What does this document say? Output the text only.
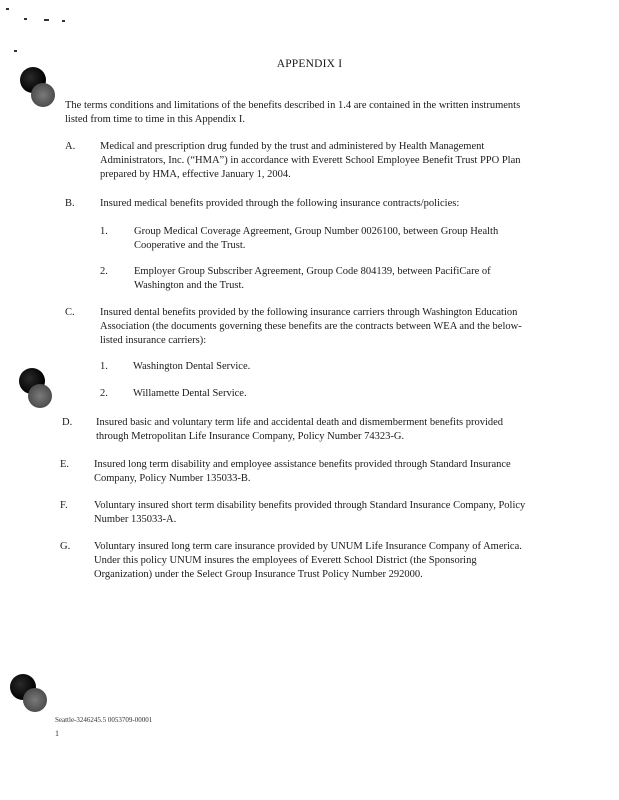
APPENDIX I
The terms conditions and limitations of the benefits described in 1.4 are contained in the written instruments listed from time to time in this Appendix I.
A. Medical and prescription drug funded by the trust and administered by Health Management Administrators, Inc. (“HMA”) in accordance with Everett School Employee Benefit Trust PPO Plan prepared by HMA, effective January 1, 2004.
B. Insured medical benefits provided through the following insurance contracts/policies:
1. Group Medical Coverage Agreement, Group Number 0026100, between Group Health Cooperative and the Trust.
2. Employer Group Subscriber Agreement, Group Code 804139, between PacifiCare of Washington and the Trust.
C. Insured dental benefits provided by the following insurance carriers through Washington Education Association (the documents governing these benefits are the contracts between WEA and the below-listed insurance carriers):
1. Washington Dental Service.
2. Willamette Dental Service.
D. Insured basic and voluntary term life and accidental death and dismemberment benefits provided through Metropolitan Life Insurance Company, Policy Number 74323-G.
E. Insured long term disability and employee assistance benefits provided through Standard Insurance Company, Policy Number 135033-B.
F.	Voluntary insured short term disability benefits provided through Standard Insurance Company, Policy Number 135033-A.
G. Voluntary insured long term care insurance provided by UNUM Life Insurance Company of America. Under this policy UNUM insures the employees of Everett School District (the Sponsoring Organization) under the Select Group Insurance Trust Policy Number 292000.
Seattle-3246245.5 0053709-00001
1
